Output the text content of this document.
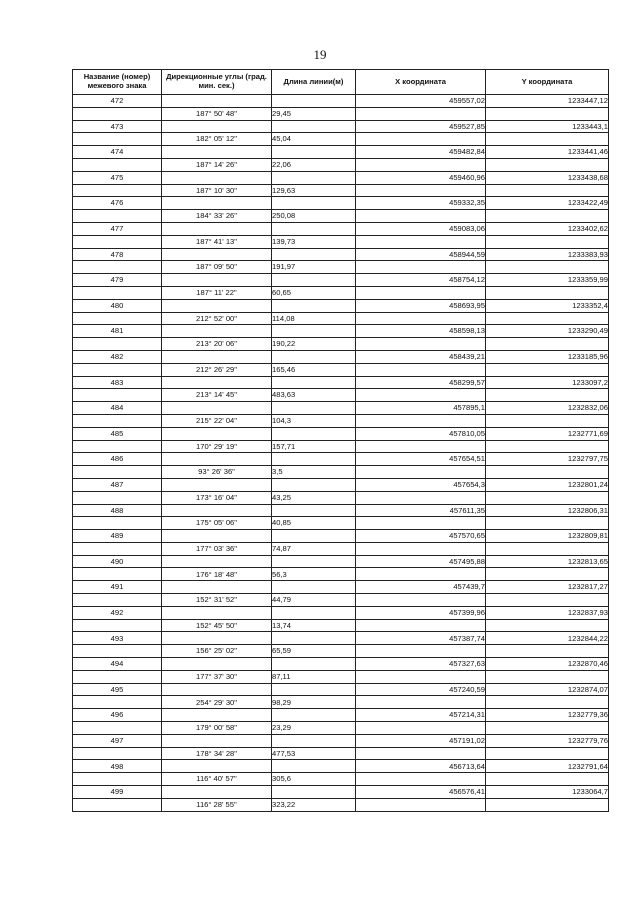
19
Название (номер) межевого знака	Дирекционные углы (град. мин. сек.)	Длина линии(м)	X координата	Y координата
472			459557,02	1233447,12
	187° 50' 48"	29,45		
473			459527,85	1233443,1
	182° 05' 12"	45,04		
474			459482,84	1233441,46
	187° 14' 26"	22,06		
475			459460,96	1233438,68
	187° 10' 30"	129,63		
476			459332,35	1233422,49
	184° 33' 26"	250,08		
477			459083,06	1233402,62
	187° 41' 13"	139,73		
478			458944,59	1233383,93
	187° 09' 50"	191,97		
479			458754,12	1233359,99
	187° 11' 22"	60,65		
480			458693,95	1233352,4
	212° 52' 00"	114,08		
481			458598,13	1233290,49
	213° 20' 06"	190,22		
482			458439,21	1233185,96
	212° 26' 29"	165,46		
483			458299,57	1233097,2
	213° 14' 45"	483,63		
484			457895,1	1232832,06
	215° 22' 04"	104,3		
485			457810,05	1232771,69
	170° 29' 19"	157,71		
486			457654,51	1232797,75
	93° 26' 36"	3,5		
487			457654,3	1232801,24
	173° 16' 04"	43,25		
488			457611,35	1232806,31
	175° 05' 06"	40,85		
489			457570,65	1232809,81
	177° 03' 36"	74,87		
490			457495,88	1232813,65
	176° 18' 48"	56,3		
491			457439,7	1232817,27
	152° 31' 52"	44,79		
492			457399,96	1232837,93
	152° 45' 50"	13,74		
493			457387,74	1232844,22
	156° 25' 02"	65,59		
494			457327,63	1232870,46
	177° 37' 30"	87,11		
495			457240,59	1232874,07
	254° 29' 30"	98,29		
496			457214,31	1232779,36
	179° 00' 58"	23,29		
497			457191,02	1232779,76
	178° 34' 28"	477,53		
498			456713,64	1232791,64
	116° 40' 57"	305,6		
499			456576,41	1233064,7
	116° 28' 55"	323,22		
